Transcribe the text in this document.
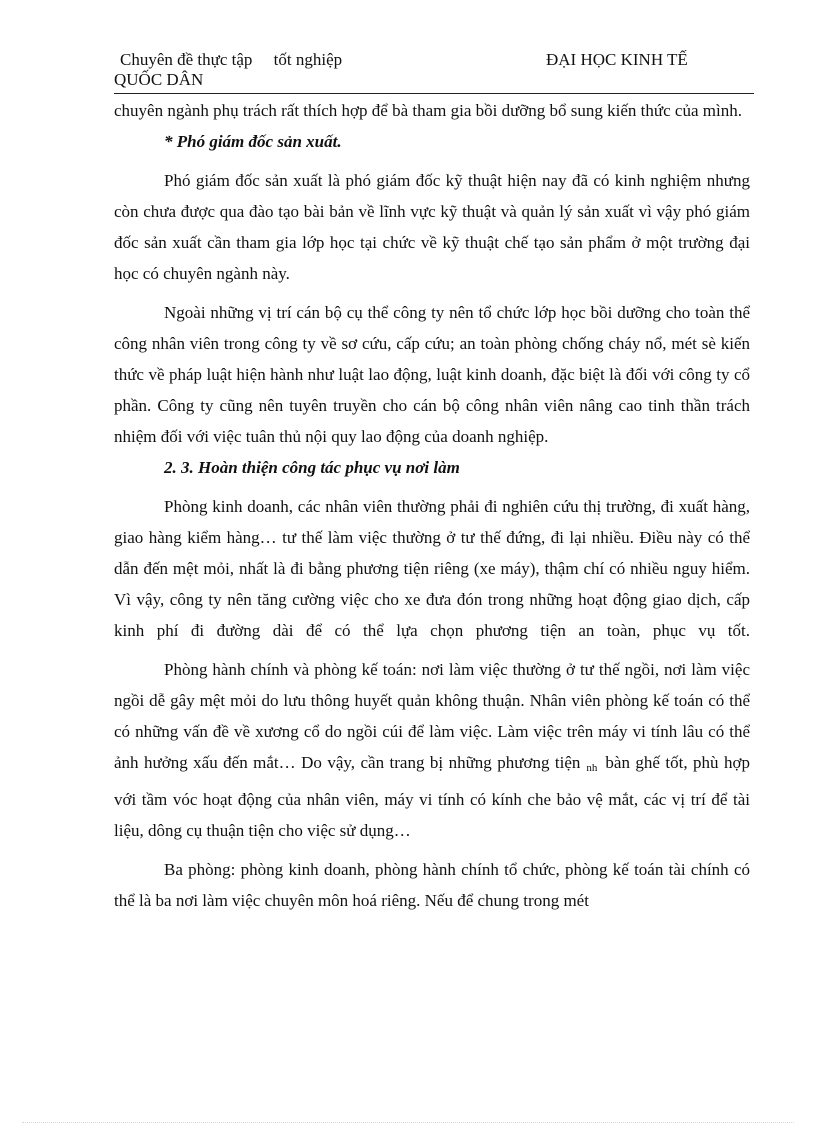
Chuyên đề thực tập     tốt nghiệp	ĐẠI HỌC KINH TẾ
QUỐC DÂN

chuyên ngành phụ trách rất thích hợp để bà tham gia bồi dưỡng bổ sung kiến thức của mình.

* Phó giám đốc sản xuất.

Phó giám đốc sản xuất là phó giám đốc kỹ thuật hiện nay đã có kinh nghiệm nhưng còn chưa được qua đào tạo bài bản về lĩnh vực kỹ thuật và quản lý sản xuất vì vậy phó giám đốc sản xuất cần tham gia lớp học tại chức về kỹ thuật chế tạo sản phẩm ở một trường đại học có chuyên ngành này.

Ngoài những vị trí cán bộ cụ thể công ty nên tổ chức lớp học bồi dưỡng cho toàn thể công nhân viên trong công ty về sơ cứu, cấp cứu; an toàn phòng chống cháy nổ, mét sè kiến thức về pháp luật hiện hành như luật lao động, luật kinh doanh, đặc biệt là đối với công ty cổ phần. Công ty cũng nên tuyên truyền cho cán bộ công nhân viên nâng cao tinh thần trách nhiệm đối với việc tuân thủ nội quy lao động của doanh nghiệp.

2. 3. Hoàn thiện công tác phục vụ nơi làm

Phòng kinh doanh, các nhân viên thường phải đi nghiên cứu thị trường, đi xuất hàng, giao hàng kiểm hàng… tư thế làm việc thường ở tư thế đứng, đi lại nhiều. Điều này có thể dẫn đến mệt mỏi, nhất là đi bằng phương tiện riêng (xe máy), thậm chí có nhiều nguy hiểm. Vì vậy, công ty nên tăng cường việc cho xe đưa đón trong những hoạt động giao dịch, cấp kinh phí đi đường dài để có thể lựa chọn phương tiện an toàn, phục vụ tốt.

Phòng hành chính và phòng kế toán: nơi làm việc thường ở tư thế ngồi, nơi làm việc ngồi dễ gây mệt mỏi do lưu thông huyết quản không thuận. Nhân viên phòng kế toán có thể có những vấn đề về xương cổ do ngồi cúi để làm việc. Làm việc trên máy vi tính lâu có thể ảnh hưởng xấu đến mắt… Do vậy, cần trang bị những phương tiện $_{nh}$ bàn ghế tốt, phù hợp với tầm vóc hoạt động của nhân viên, máy vi tính có kính che bảo vệ mắt, các vị trí để tài liệu, dông cụ thuận tiện cho việc sử dụng…

Ba phòng: phòng kinh doanh, phòng hành chính tổ chức, phòng kế toán tài chính có thể là ba nơi làm việc chuyên môn hoá riêng. Nếu để chung trong mét
